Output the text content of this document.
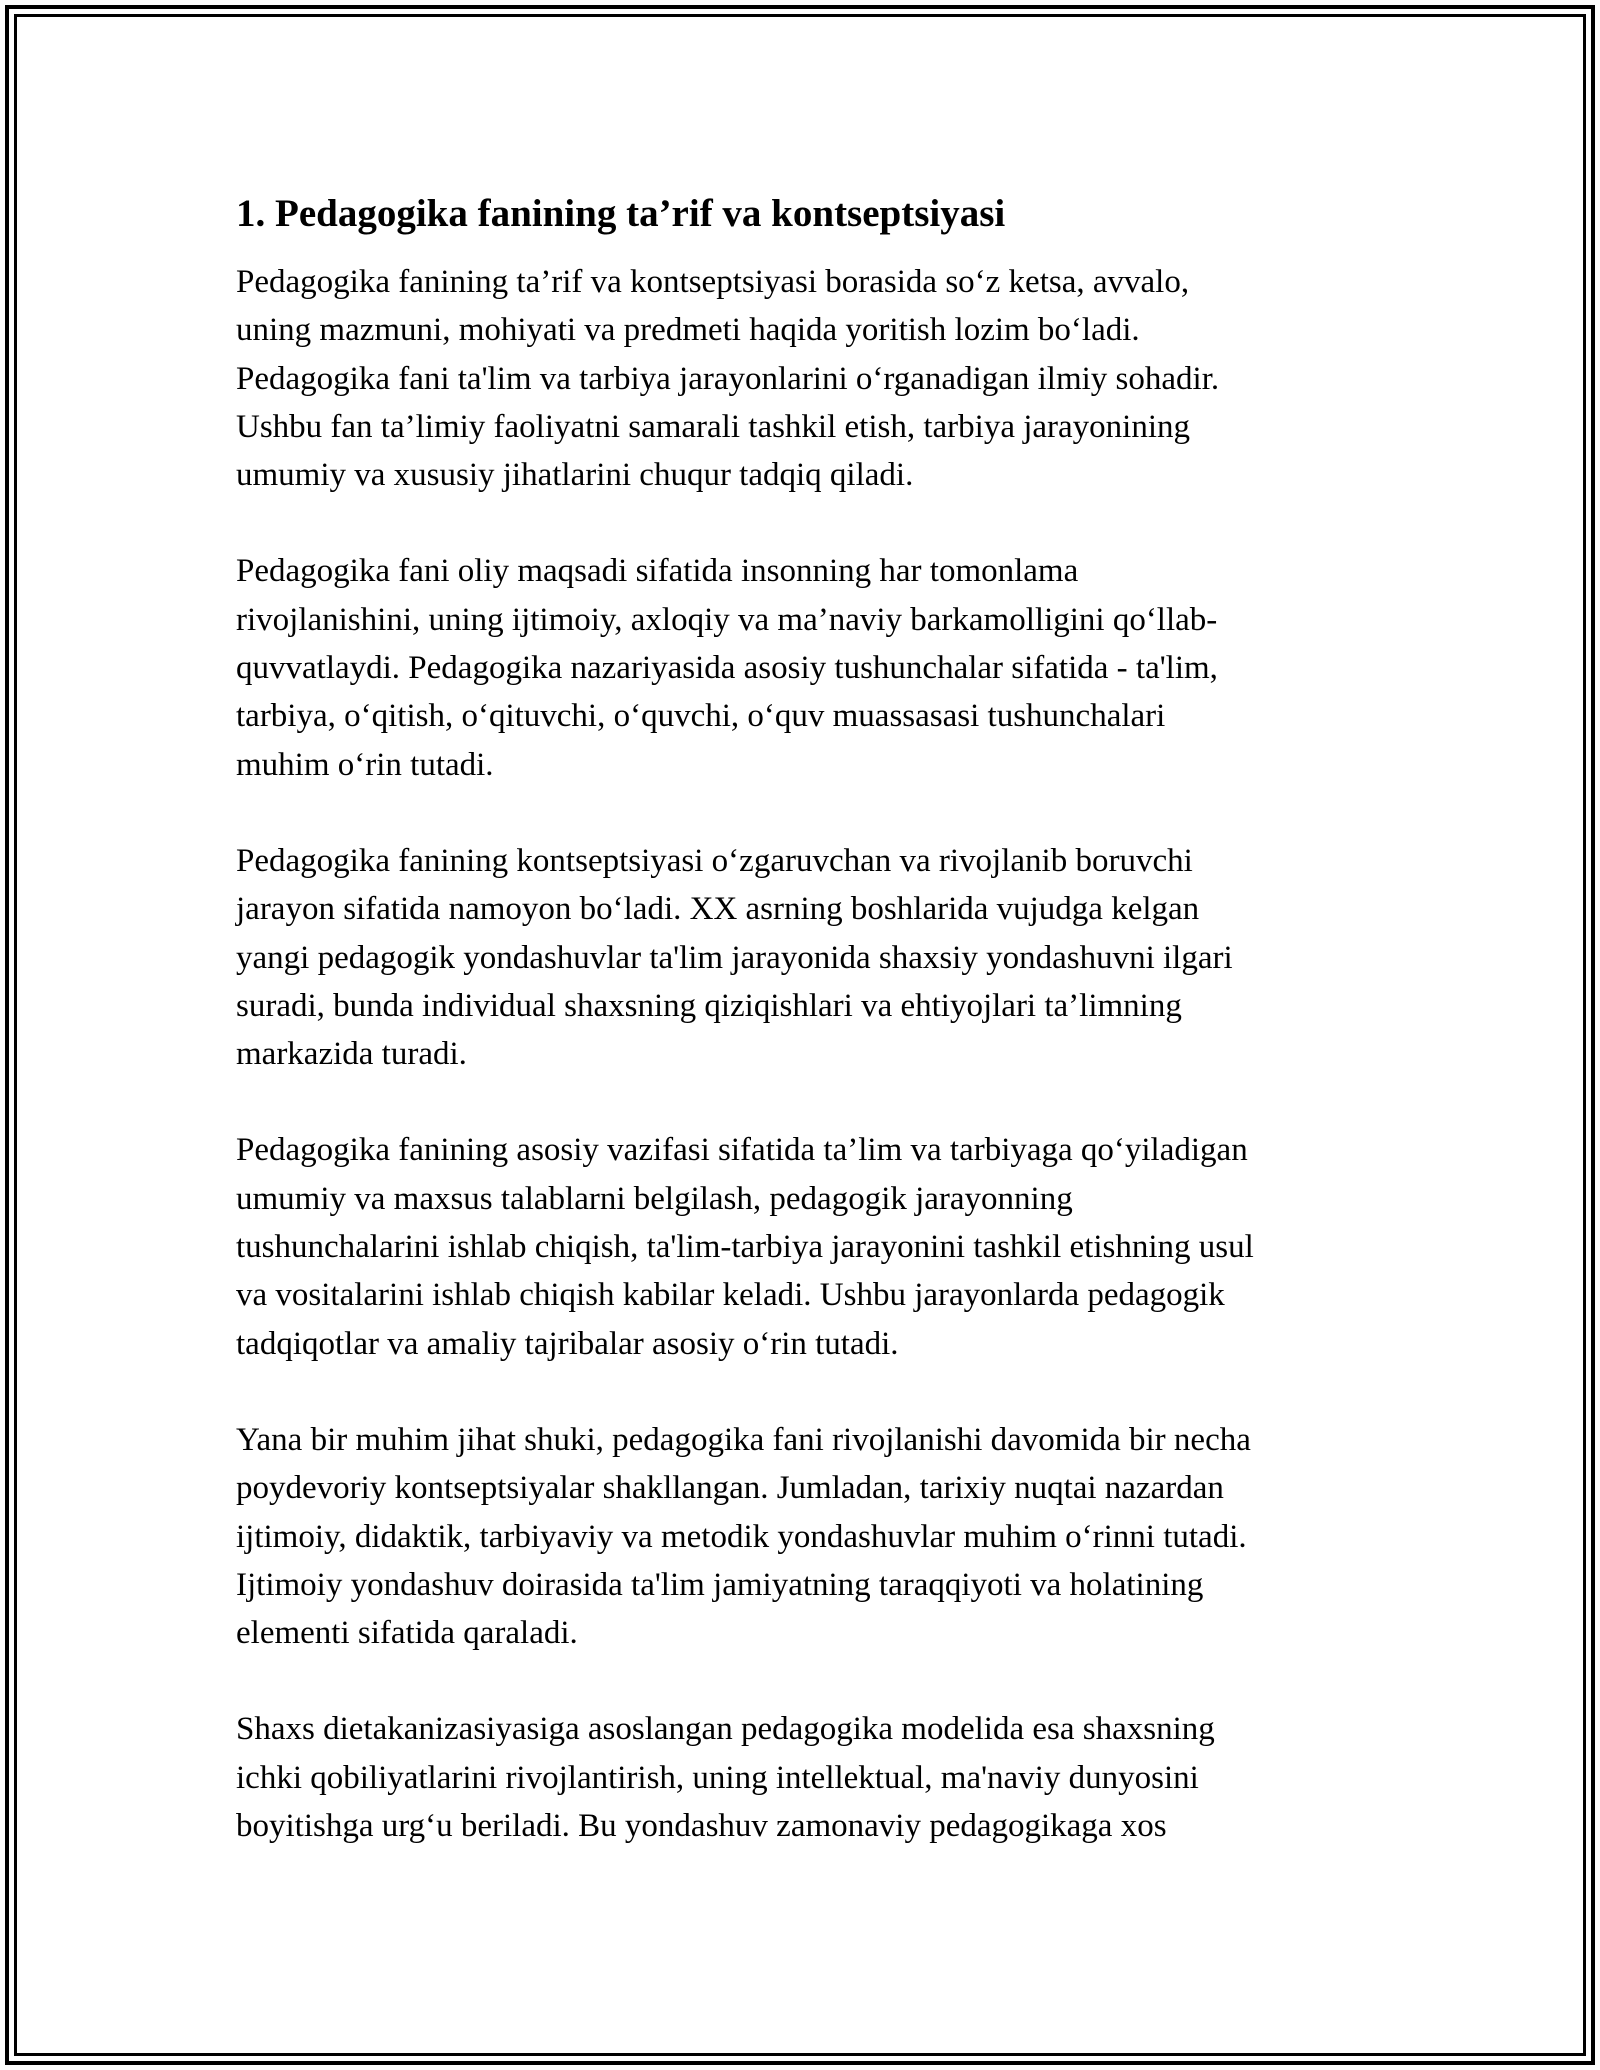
1. Pedagogika fanining ta’rif va kontseptsiyasi

Pedagogika fanining ta’rif va kontseptsiyasi borasida so‘z ketsa, avvalo,
uning mazmuni, mohiyati va predmeti haqida yoritish lozim bo‘ladi.
Pedagogika fani ta'lim va tarbiya jarayonlarini o‘rganadigan ilmiy sohadir.
Ushbu fan ta’limiy faoliyatni samarali tashkil etish, tarbiya jarayonining
umumiy va xususiy jihatlarini chuqur tadqiq qiladi.

Pedagogika fani oliy maqsadi sifatida insonning har tomonlama
rivojlanishini, uning ijtimoiy, axloqiy va ma’naviy barkamolligini qo‘llab-
quvvatlaydi. Pedagogika nazariyasida asosiy tushunchalar sifatida - ta'lim,
tarbiya, o‘qitish, o‘qituvchi, o‘quvchi, o‘quv muassasasi tushunchalari
muhim o‘rin tutadi.

Pedagogika fanining kontseptsiyasi o‘zgaruvchan va rivojlanib boruvchi
jarayon sifatida namoyon bo‘ladi. XX asrning boshlarida vujudga kelgan
yangi pedagogik yondashuvlar ta'lim jarayonida shaxsiy yondashuvni ilgari
suradi, bunda individual shaxsning qiziqishlari va ehtiyojlari ta’limning
markazida turadi.

Pedagogika fanining asosiy vazifasi sifatida ta’lim va tarbiyaga qo‘yiladigan
umumiy va maxsus talablarni belgilash, pedagogik jarayonning
tushunchalarini ishlab chiqish, ta'lim-tarbiya jarayonini tashkil etishning usul
va vositalarini ishlab chiqish kabilar keladi. Ushbu jarayonlarda pedagogik
tadqiqotlar va amaliy tajribalar asosiy o‘rin tutadi.

Yana bir muhim jihat shuki, pedagogika fani rivojlanishi davomida bir necha
poydevoriy kontseptsiyalar shakllangan. Jumladan, tarixiy nuqtai nazardan
ijtimoiy, didaktik, tarbiyaviy va metodik yondashuvlar muhim o‘rinni tutadi.
Ijtimoiy yondashuv doirasida ta'lim jamiyatning taraqqiyoti va holatining
elementi sifatida qaraladi.

Shaxs dietakanizasiyasiga asoslangan pedagogika modelida esa shaxsning
ichki qobiliyatlarini rivojlantirish, uning intellektual, ma'naviy dunyosini
boyitishga urg‘u beriladi. Bu yondashuv zamonaviy pedagogikaga xos
